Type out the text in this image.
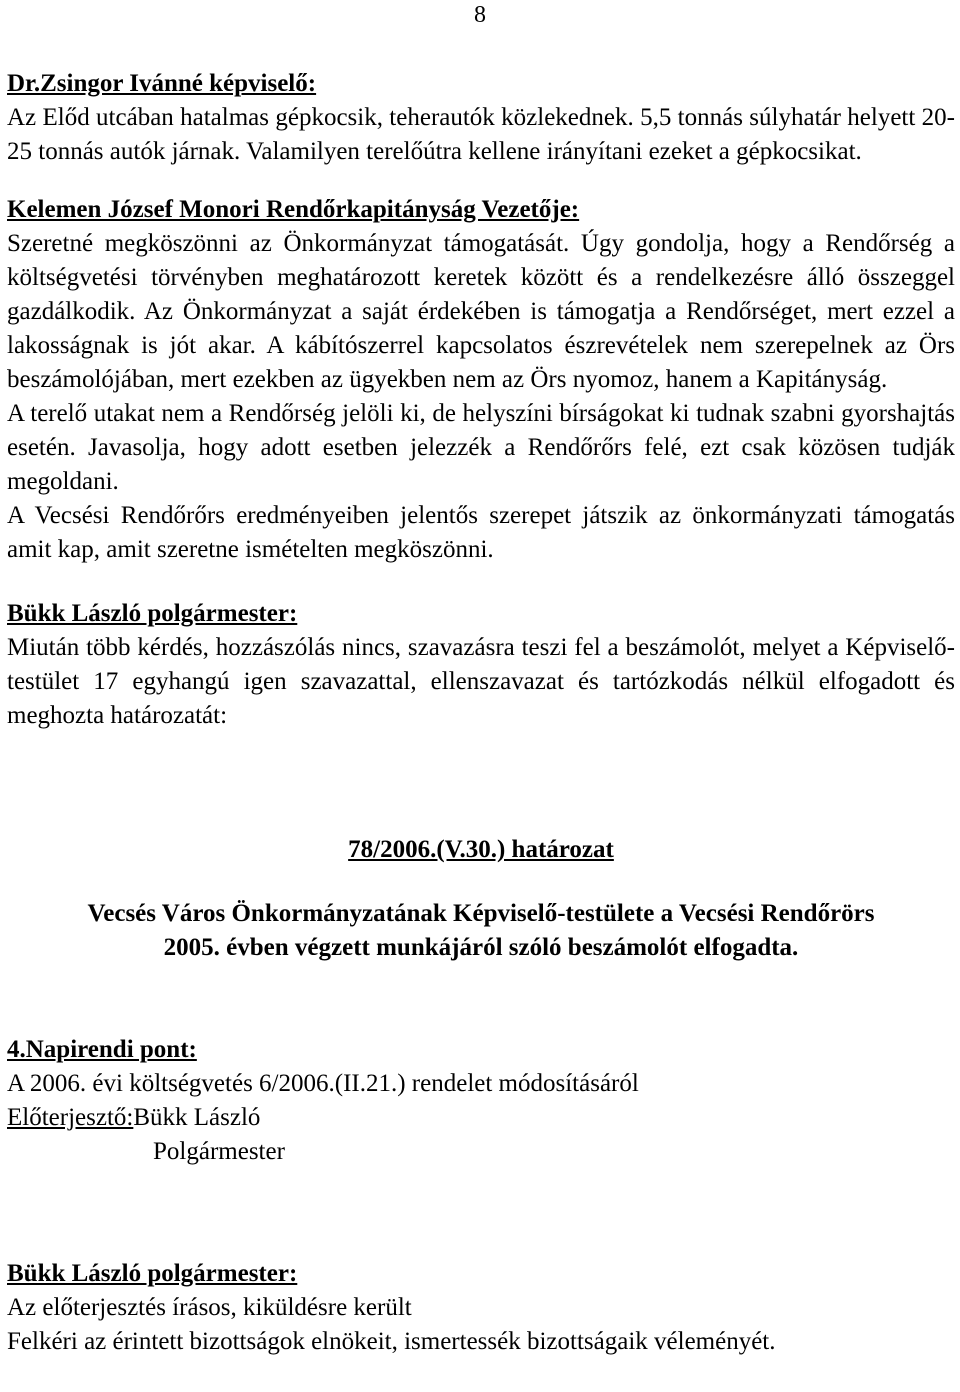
8
Dr.Zsingor Ivánné képviselő:
Az Előd utcában hatalmas gépkocsik, teherautók közlekednek. 5,5 tonnás súlyhatár helyett 20-25 tonnás autók járnak. Valamilyen terelőútra kellene irányítani ezeket a gépkocsikat.
Kelemen József Monori Rendőrkapitányság Vezetője:
Szeretné megköszönni az Önkormányzat támogatását. Úgy gondolja, hogy a Rendőrség a költségvetési törvényben meghatározott keretek között és a rendelkezésre álló összeggel gazdálkodik. Az Önkormányzat a saját érdekében is támogatja a Rendőrséget, mert ezzel a lakosságnak is jót akar. A kábítószerrel kapcsolatos észrevételek nem szerepelnek az Örs beszámolójában, mert ezekben az ügyekben nem az Örs nyomoz, hanem a Kapitányság.
A terelő utakat nem a Rendőrség jelöli ki, de helyszíni bírságokat ki tudnak szabni gyorshajtás esetén. Javasolja, hogy adott esetben jelezzék a Rendőrőrs felé, ezt csak közösen tudják megoldani.
A Vecsési Rendőrőrs eredményeiben jelentős szerepet játszik az önkormányzati támogatás amit kap, amit szeretne ismételten megköszönni.
Bükk László polgármester:
Miután több kérdés, hozzászólás nincs, szavazásra teszi fel a beszámolót, melyet a Képviselő-testület 17 egyhangú igen szavazattal, ellenszavazat és tartózkodás nélkül elfogadott és meghozta határozatát:
78/2006.(V.30.) határozat
Vecsés Város Önkormányzatának Képviselő-testülete a Vecsési Rendőrörs
2005. évben végzett munkájáról szóló beszámolót elfogadta.
4.Napirendi pont:
A 2006. évi költségvetés 6/2006.(II.21.) rendelet módosításáról
Előterjesztő:Bükk László
Polgármester
Bükk László polgármester:
Az előterjesztés írásos, kiküldésre került
Felkéri az érintett bizottságok elnökeit, ismertessék bizottságaik véleményét.
